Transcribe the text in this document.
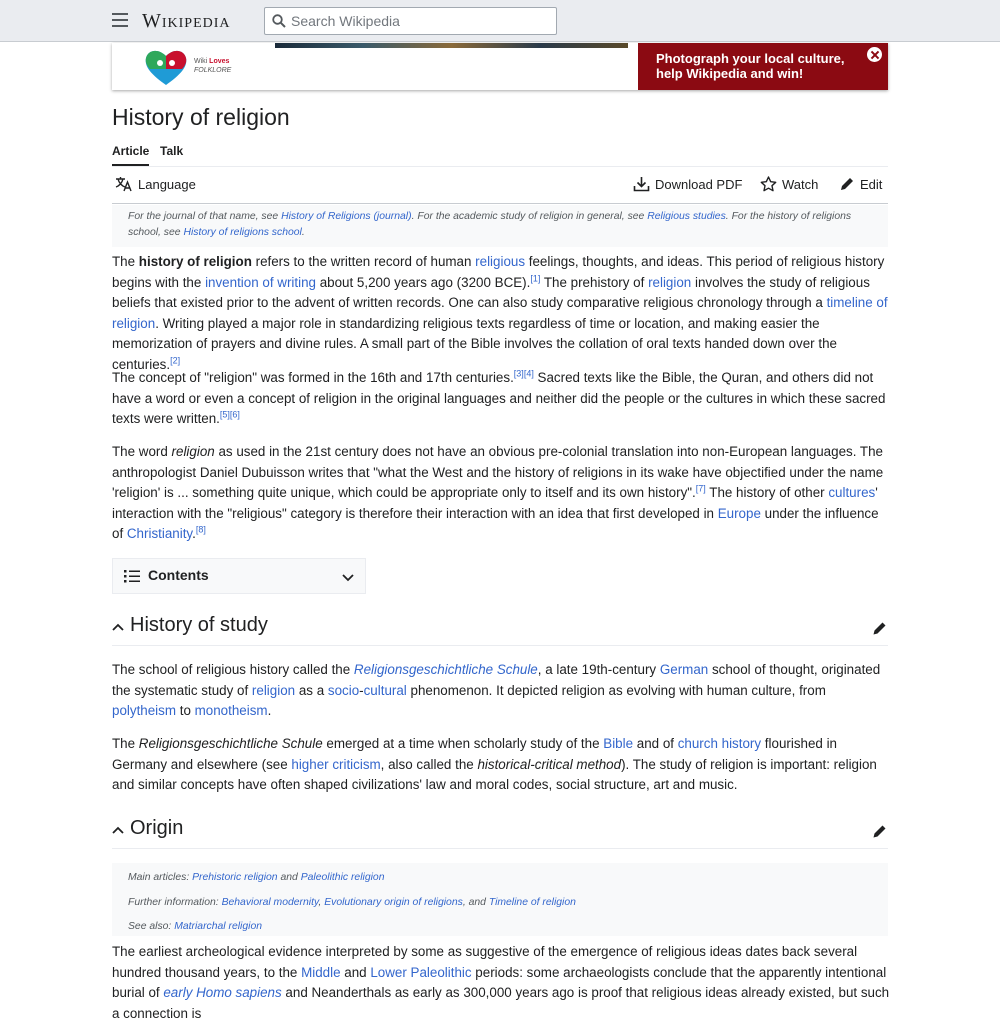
Wikipedia
Search Wikipedia
Wiki Loves
FOLKLORE
Photograph your local culture,
help Wikipedia and win!
History of religion
Article Talk
Language	Download PDF	Watch	Edit
For the journal of that name, see History of Religions (journal). For the academic study of religion in general, see Religious studies. For the history of religions school, see History of religions school.

The history of religion refers to the written record of human religious feelings, thoughts, and ideas. This period of religious history begins with the invention of writing about 5,200 years ago (3200 BCE).[1] The prehistory of religion involves the study of religious beliefs that existed prior to the advent of written records. One can also study comparative religious chronology through a timeline of religion. Writing played a major role in standardizing religious texts regardless of time or location, and making easier the memorization of prayers and divine rules. A small part of the Bible involves the collation of oral texts handed down over the centuries.[2]

The concept of "religion" was formed in the 16th and 17th centuries.[3][4] Sacred texts like the Bible, the Quran, and others did not have a word or even a concept of religion in the original languages and neither did the people or the cultures in which these sacred texts were written.[5][6]

The word religion as used in the 21st century does not have an obvious pre-colonial translation into non-European languages. The anthropologist Daniel Dubuisson writes that "what the West and the history of religions in its wake have objectified under the name 'religion' is ... something quite unique, which could be appropriate only to itself and its own history".[7] The history of other cultures' interaction with the "religious" category is therefore their interaction with an idea that first developed in Europe under the influence of Christianity.[8]

Contents
History of study

The school of religious history called the Religionsgeschichtliche Schule, a late 19th-century German school of thought, originated the systematic study of religion as a socio-cultural phenomenon. It depicted religion as evolving with human culture, from polytheism to monotheism.

The Religionsgeschichtliche Schule emerged at a time when scholarly study of the Bible and of church history flourished in Germany and elsewhere (see higher criticism, also called the historical-critical method). The study of religion is important: religion and similar concepts have often shaped civilizations' law and moral codes, social structure, art and music.

Origin
Main articles: Prehistoric religion and Paleolithic religion
Further information: Behavioral modernity, Evolutionary origin of religions, and Timeline of religion
See also: Matriarchal religion

The earliest archeological evidence interpreted by some as suggestive of the emergence of religious ideas dates back several hundred thousand years, to the Middle and Lower Paleolithic periods: some archaeologists conclude that the apparently intentional burial of early Homo sapiens and Neanderthals as early as 300,000 years ago is proof that religious ideas already existed, but such a connection is
